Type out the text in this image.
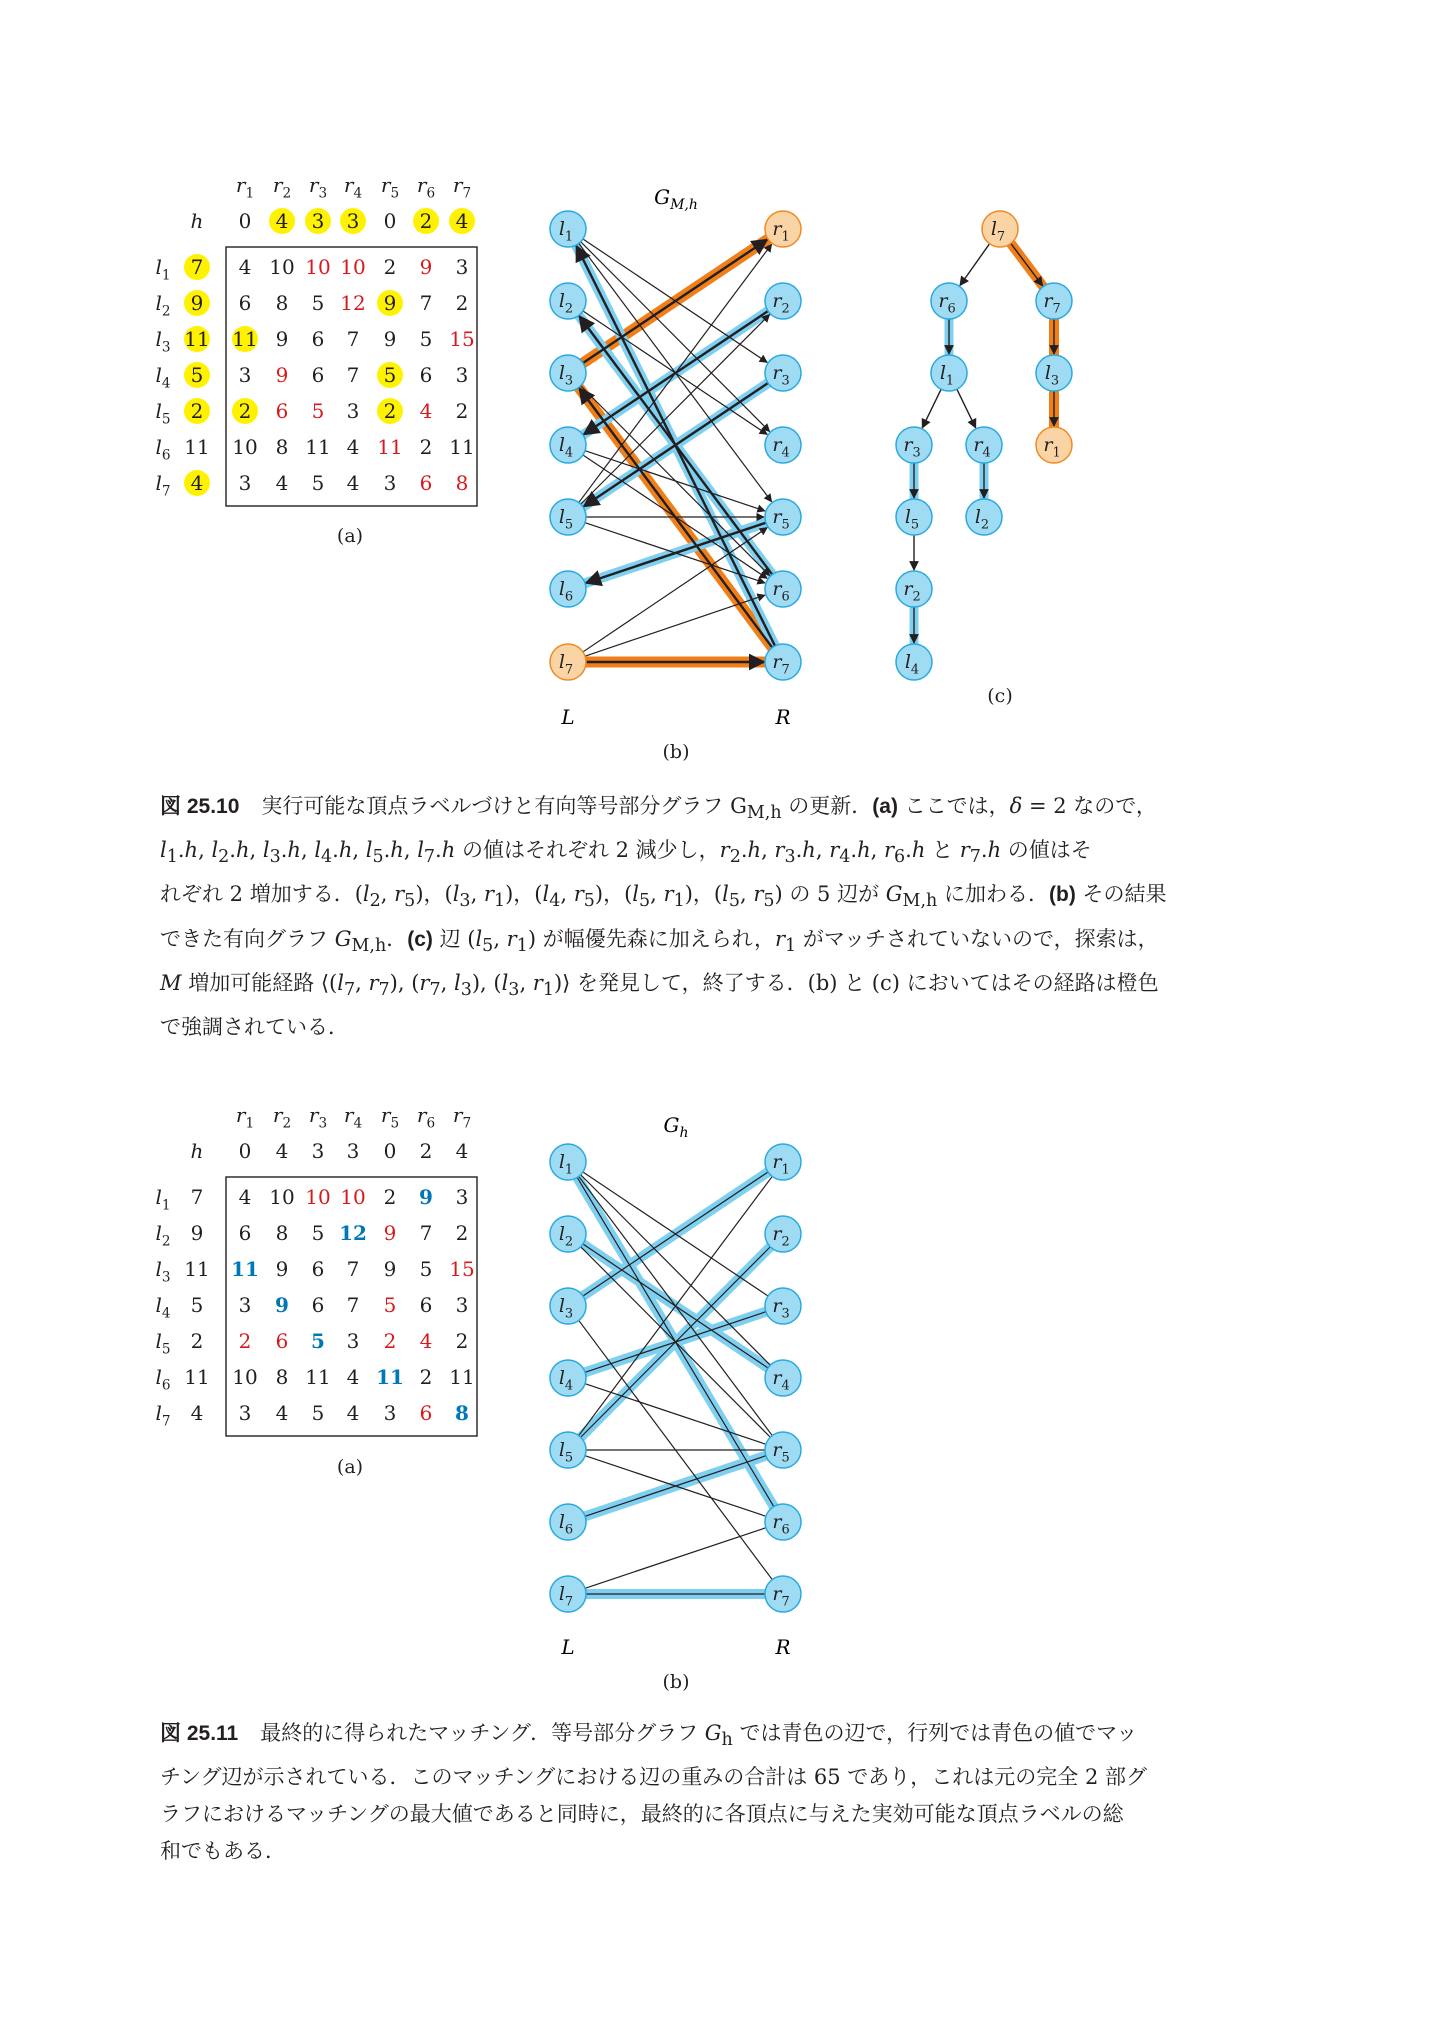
$r_1$ $r_2$ $r_3$ $r_4$ $r_5$ $r_6$ $r_7$
h 0 4 3 3 0 2 4
$l_1$ 7 4 10 10 10 2 9 3
$l_2$ 9 6 8 5 12 9 7 2
$l_3$ 11 11 9 6 7 9 5 15
$l_4$ 5 3 9 6 7 5 6 3
$l_5$ 2 2 6 5 3 2 4 2
$l_6$ 11 10 8 11 4 11 2 11
$l_7$ 4 3 4 5 4 3 6 8
(a)
$l_1$
$l_2$
$l_3$
$l_4$
$l_5$
$l_6$
$l_7$
$r_1$
$r_2$
$r_3$
$r_4$
$r_5$
$r_6$
$r_7$
$G_{M,h}$
L	R
(b)
$l_7$
$r_6$	$r_7$
$l_1$	$l_3$
$r_3$	$r_4$	$r_1$
$l_5$	$l_2$
$r_2$
$l_4$
(c)
$r_1$ $r_2$ $r_3$ $r_4$ $r_5$ $r_6$ $r_7$
h 0 4 3 3 0 2 4
$l_1$ 7 4 10 10 10 2 9 3
$l_2$ 9 6 8 5 12 9 7 2
$l_3$ 11 11 9 6 7 9 5 15
$l_4$ 5 3 9 6 7 5 6 3
$l_5$ 2 2 6 5 3 2 4 2
$l_6$ 11 10 8 11 4 11 2 11
$l_7$ 4 3 4 5 4 3 6 8
(a)
$l_1$
$l_2$
$l_3$
$l_4$
$l_5$
$l_6$
$l_7$
$r_1$
$r_2$
$r_3$
$r_4$
$r_5$
$r_6$
$r_7$
$G_h$
L	R
(b)
図 25.10 実行可能な頂点ラベルづけと有向等号部分グラフ $G_{M,h}$ の更新．(a) ここでは，δ = 2 なので，
$l_1.h$, $l_2.h$, $l_3.h$, $l_4.h$, $l_5.h$, $l_7.h$ の値はそれぞれ 2 減少し，$r_2.h$, $r_3.h$, $r_4.h$, $r_6.h$ と $r_7.h$ の値はそ
れぞれ 2 増加する．($l_2$, $r_5$)，($l_3$, $r_1$)，($l_4$, $r_5$)，($l_5$, $r_1$)，($l_5$, $r_5$) の 5 辺が $G_{M,h}$ に加わる．(b) その結果
できた有向グラフ $G_{M,h}$．(c) 辺 ($l_5$, $r_1$) が幅優先森に加えられ，$r_1$ がマッチされていないので，探索は，
M 増加可能経路 $⟨(l_7$, $r_7$), ($r_7$, $l_3$), ($l_3$, $r_1)⟩$ を発見して，終了する．(b) と (c) においてはその経路は橙色
で強調されている．
図 25.11 最終的に得られたマッチング．等号部分グラフ $G_h$ では青色の辺で，行列では青色の値でマッ
チング辺が示されている．このマッチングにおける辺の重みの合計は 65 であり，これは元の完全 2 部グ
ラフにおけるマッチングの最大値であると同時に，最終的に各頂点に与えた実効可能な頂点ラベルの総
和でもある．
